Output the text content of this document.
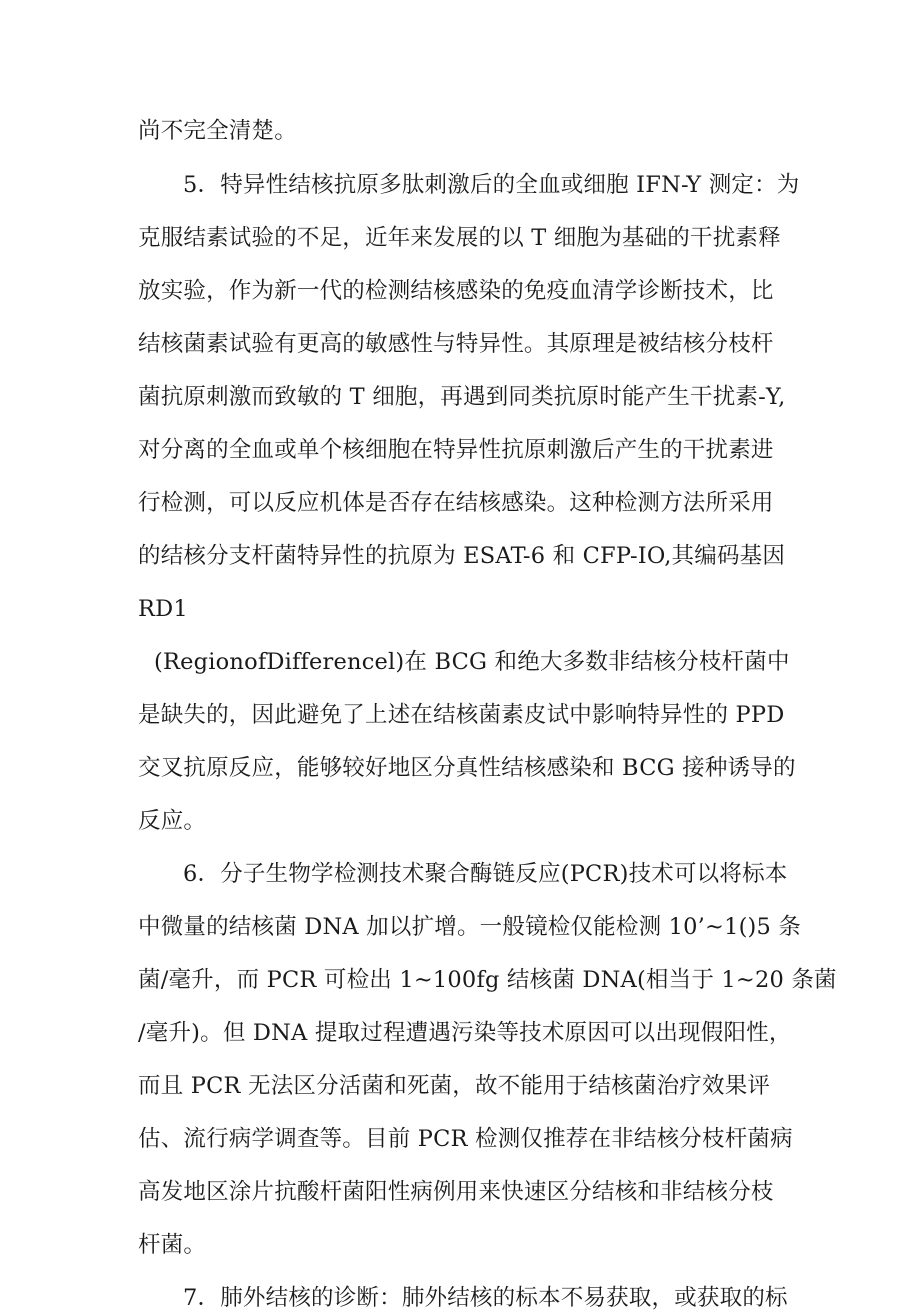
尚不完全清楚。
5．特异性结核抗原多肽刺激后的全血或细胞 IFN-Y 测定：为
克服结素试验的不足，近年来发展的以 T 细胞为基础的干扰素释
放实验，作为新一代的检测结核感染的免疫血清学诊断技术，比
结核菌素试验有更高的敏感性与特异性。其原理是被结核分枝杆
菌抗原刺激而致敏的 T 细胞，再遇到同类抗原时能产生干扰素-Y,
对分离的全血或单个核细胞在特异性抗原刺激后产生的干扰素进
行检测，可以反应机体是否存在结核感染。这种检测方法所采用
的结核分支杆菌特异性的抗原为 ESAT-6 和 CFP-IO,其编码基因
RD1
(RegionofDifferencel)在 BCG 和绝大多数非结核分枝杆菌中
是缺失的，因此避免了上述在结核菌素皮试中影响特异性的 PPD
交叉抗原反应，能够较好地区分真性结核感染和 BCG 接种诱导的
反应。
6．分子生物学检测技术聚合酶链反应(PCR)技术可以将标本
中微量的结核菌 DNA 加以扩增。一般镜检仅能检测 10’~1()5 条
菌/毫升，而 PCR 可检出 1~100fg 结核菌 DNA(相当于 1~20 条菌
/毫升)。但 DNA 提取过程遭遇污染等技术原因可以出现假阳性，
而且 PCR 无法区分活菌和死菌，故不能用于结核菌治疗效果评
估、流行病学调查等。目前 PCR 检测仅推荐在非结核分枝杆菌病
高发地区涂片抗酸杆菌阳性病例用来快速区分结核和非结核分枝
杆菌。
7．肺外结核的诊断：肺外结核的标本不易获取，或获取的标
